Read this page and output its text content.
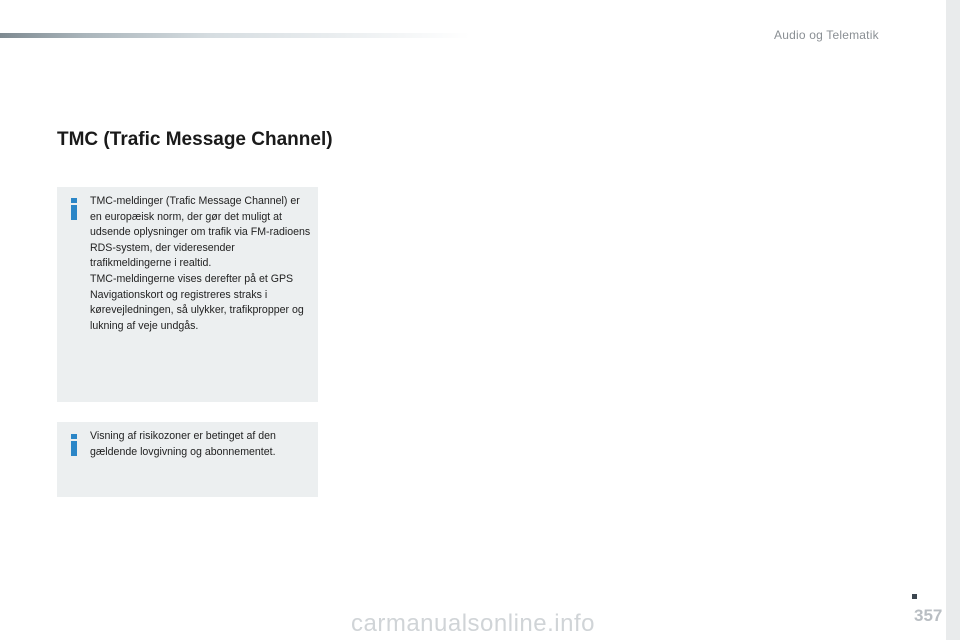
Audio og Telematik
TMC (Trafic Message Channel)

TMC-meldinger (Trafic Message Channel) er en europæisk norm, der gør det muligt at udsende oplysninger om trafik via FM-radioens RDS-system, der videresender trafikmeldingerne i realtid.

TMC-meldingerne vises derefter på et GPS Navigationskort og registreres straks i kørevejledningen, så ulykker, trafikpropper og lukning af veje undgås.

Visning af risikozoner er betinget af den gældende lovgivning og abonnementet.

357
carmanualsonline.info
